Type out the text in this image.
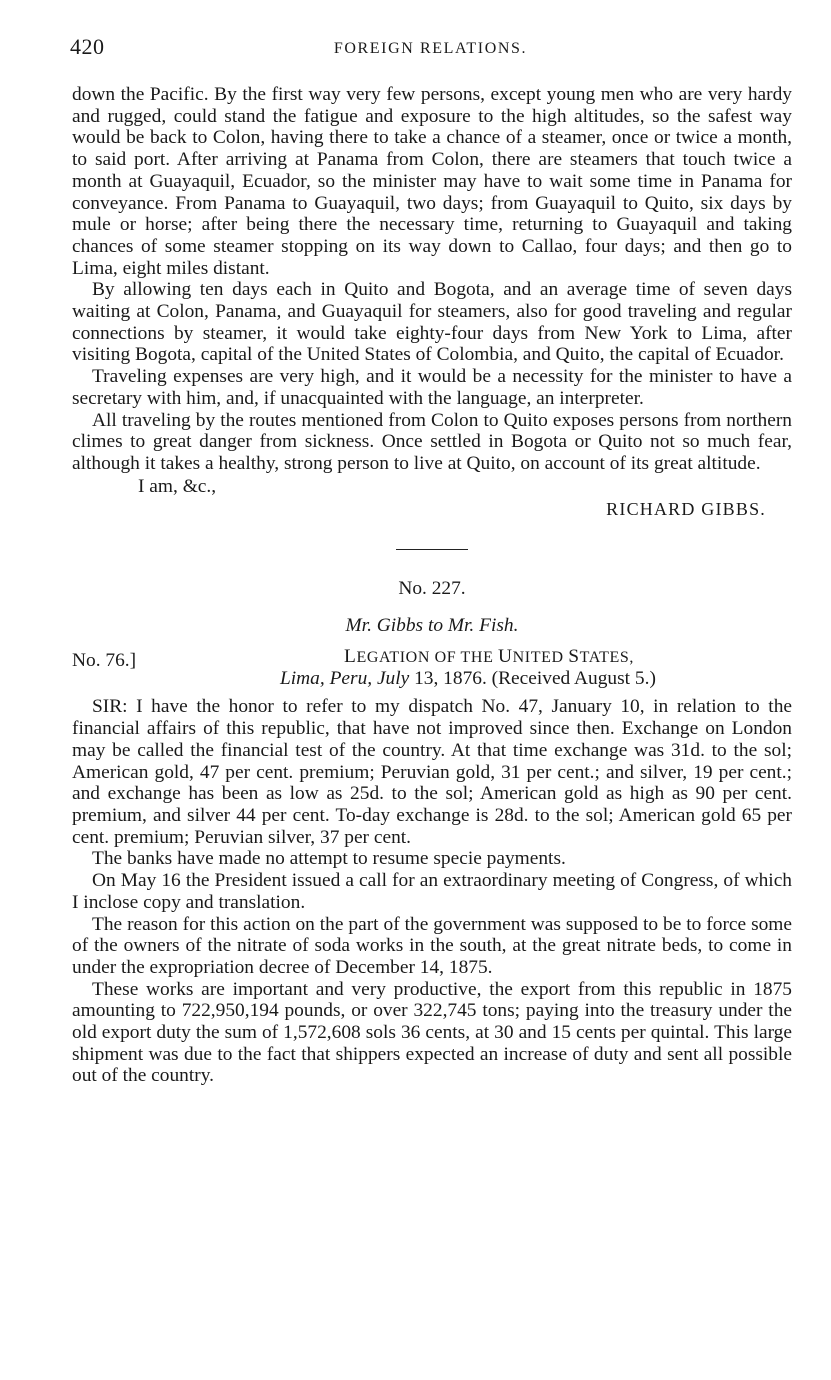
420	FOREIGN RELATIONS.

down the Pacific. By the first way very few persons, except young men who are very hardy and rugged, could stand the fatigue and exposure to the high altitudes, so the safest way would be back to Colon, having there to take a chance of a steamer, once or twice a month, to said port. After arriving at Panama from Colon, there are steamers that touch twice a month at Guayaquil, Ecuador, so the minister may have to wait some time in Panama for conveyance. From Panama to Guayaquil, two days; from Guayaquil to Quito, six days by mule or horse; after being there the necessary time, returning to Guayaquil and taking chances of some steamer stopping on its way down to Callao, four days; and then go to Lima, eight miles distant.

By allowing ten days each in Quito and Bogota, and an average time of seven days waiting at Colon, Panama, and Guayaquil for steamers, also for good traveling and regular connections by steamer, it would take eighty-four days from New York to Lima, after visiting Bogota, capital of the United States of Colombia, and Quito, the capital of Ecuador.

Traveling expenses are very high, and it would be a necessity for the minister to have a secretary with him, and, if unacquainted with the language, an interpreter.

All traveling by the routes mentioned from Colon to Quito exposes persons from northern climes to great danger from sickness. Once settled in Bogota or Quito not so much fear, although it takes a healthy, strong person to live at Quito, on account of its great altitude.

I am, &c.,
RICHARD GIBBS.
No. 227.
Mr. Gibbs to Mr. Fish.
No. 76.]	LEGATION OF THE UNITED STATES,
Lima, Peru, July 13, 1876. (Received August 5.)

SIR: I have the honor to refer to my dispatch No. 47, January 10, in relation to the financial affairs of this republic, that have not improved since then. Exchange on London may be called the financial test of the country. At that time exchange was 31d. to the sol; American gold, 47 per cent. premium; Peruvian gold, 31 per cent.; and silver, 19 per cent.; and exchange has been as low as 25d. to the sol; American gold as high as 90 per cent. premium, and silver 44 per cent. To-day exchange is 28d. to the sol; American gold 65 per cent. premium; Peruvian silver, 37 per cent.

The banks have made no attempt to resume specie payments.

On May 16 the President issued a call for an extraordinary meeting of Congress, of which I inclose copy and translation.

The reason for this action on the part of the government was supposed to be to force some of the owners of the nitrate of soda works in the south, at the great nitrate beds, to come in under the expropriation decree of December 14, 1875.

These works are important and very productive, the export from this republic in 1875 amounting to 722,950,194 pounds, or over 322,745 tons; paying into the treasury under the old export duty the sum of 1,572,608 sols 36 cents, at 30 and 15 cents per quintal. This large shipment was due to the fact that shippers expected an increase of duty and sent all possible out of the country.
